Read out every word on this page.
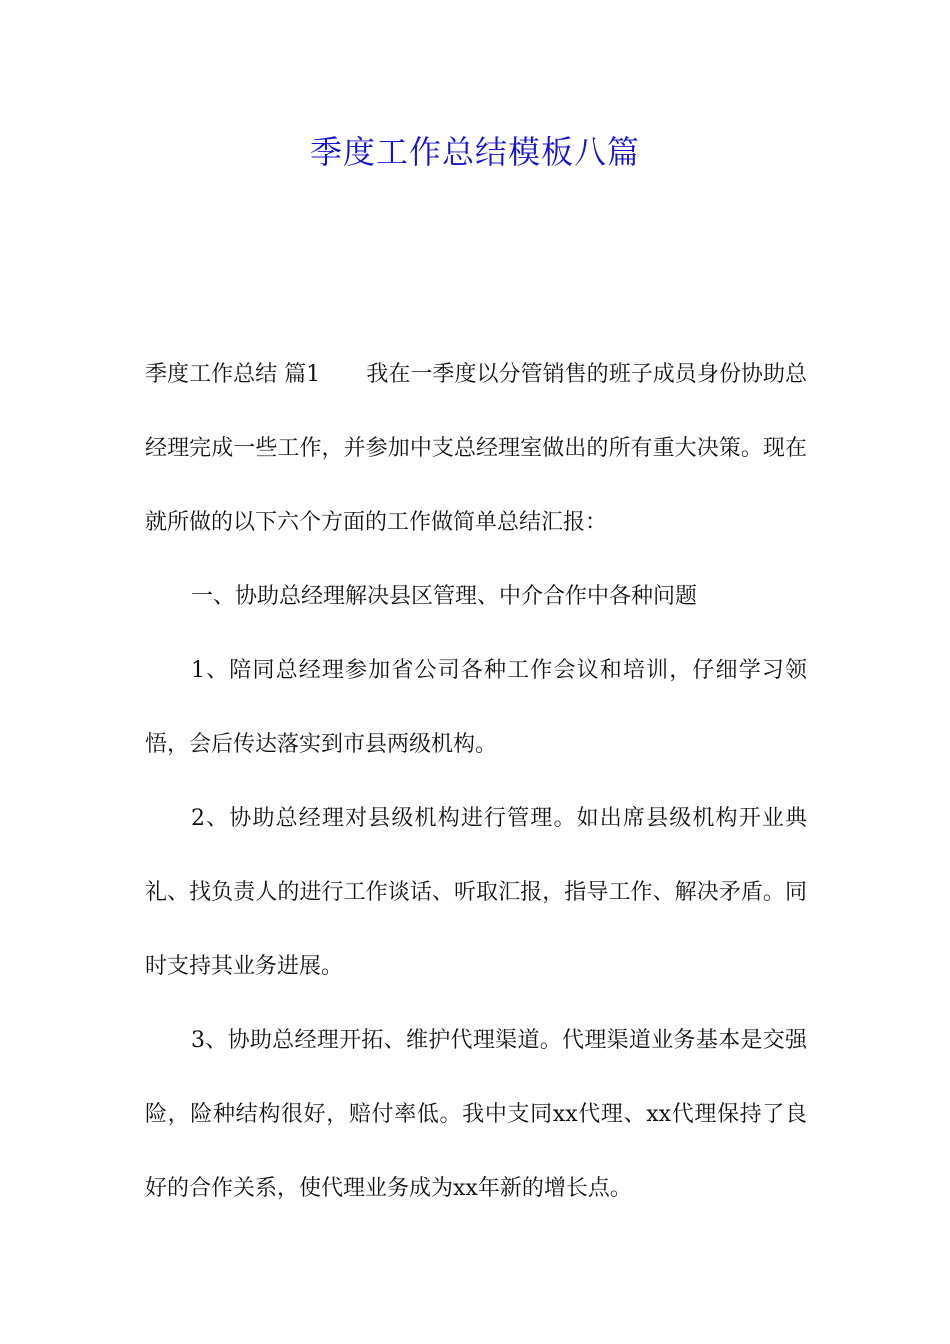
季度工作总结模板八篇

季度工作总结 篇1 我在一季度以分管销售的班子成员身份协助总经理完成一些工作，并参加中支总经理室做出的所有重大决策。现在就所做的以下六个方面的工作做简单总结汇报：

一、协助总经理解决县区管理、中介合作中各种问题

1、陪同总经理参加省公司各种工作会议和培训，仔细学习领悟，会后传达落实到市县两级机构。

2、协助总经理对县级机构进行管理。如出席县级机构开业典礼、找负责人的进行工作谈话、听取汇报，指导工作、解决矛盾。同时支持其业务进展。

3、协助总经理开拓、维护代理渠道。代理渠道业务基本是交强险，险种结构很好，赔付率低。我中支同xx代理、xx代理保持了良好的合作关系，使代理业务成为xx年新的增长点。
